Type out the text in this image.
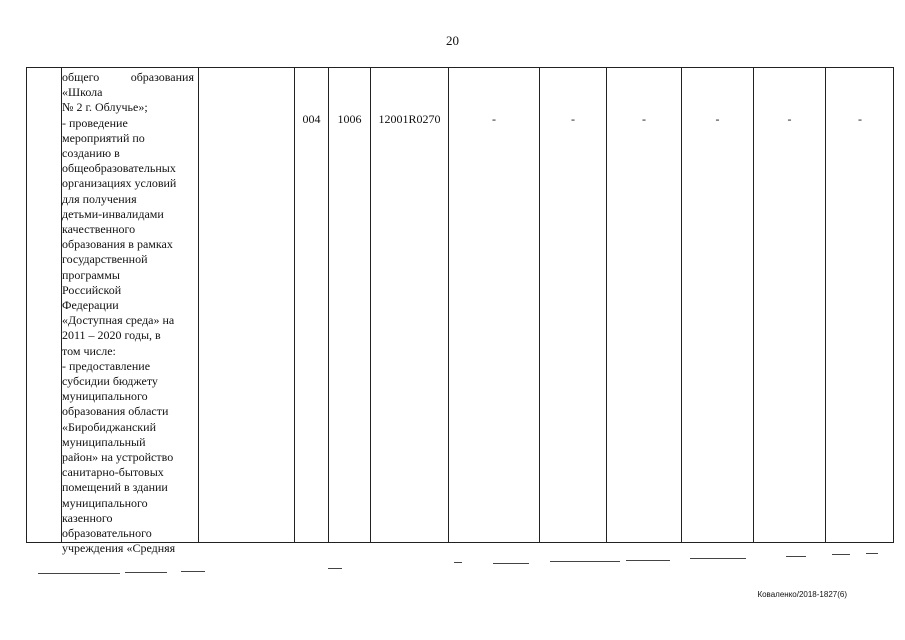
20
общего	образования
«Школа
№ 2 г. Облучье»;
- проведение
мероприятий по
созданию в
общеобразовательных
организациях условий
для получения
детьми-инвалидами
качественного
образования в рамках
государственной
программы
Российской
Федерации
«Доступная среда» на
2011 – 2020 годы, в
том числе:
- предоставление
субсидии бюджету
муниципального
образования области
«Биробиджанский
муниципальный
район» на устройство
санитарно-бытовых
помещений в здании
муниципального
казенного
образовательного
учреждения «Средняя
004	1006	12001R0270	-	-	-	-	-	-
Коваленко/2018-1827(6)
